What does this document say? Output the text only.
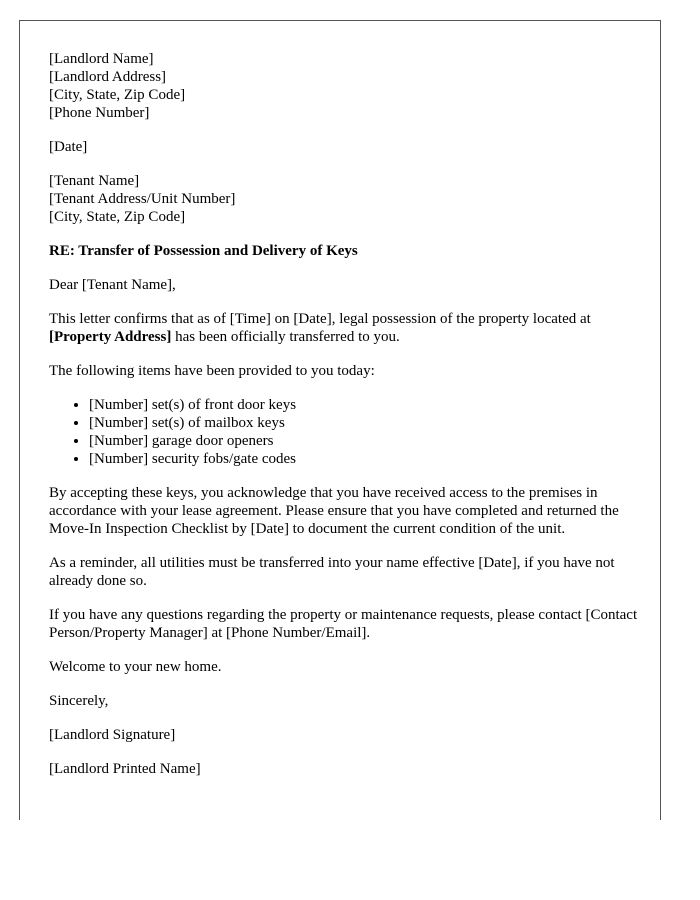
[Landlord Name]
[Landlord Address]
[City, State, Zip Code]
[Phone Number]

[Date]

[Tenant Name]
[Tenant Address/Unit Number]
[City, State, Zip Code]

RE: Transfer of Possession and Delivery of Keys

Dear [Tenant Name],

This letter confirms that as of [Time] on [Date], legal possession of the property located at [Property Address] has been officially transferred to you.

The following items have been provided to you today:

• [Number] set(s) of front door keys
• [Number] set(s) of mailbox keys
• [Number] garage door openers
• [Number] security fobs/gate codes

By accepting these keys, you acknowledge that you have received access to the premises in accordance with your lease agreement. Please ensure that you have completed and returned the Move-In Inspection Checklist by [Date] to document the current condition of the unit.

As a reminder, all utilities must be transferred into your name effective [Date], if you have not already done so.

If you have any questions regarding the property or maintenance requests, please contact [Contact Person/Property Manager] at [Phone Number/Email].

Welcome to your new home.

Sincerely,

[Landlord Signature]

[Landlord Printed Name]
